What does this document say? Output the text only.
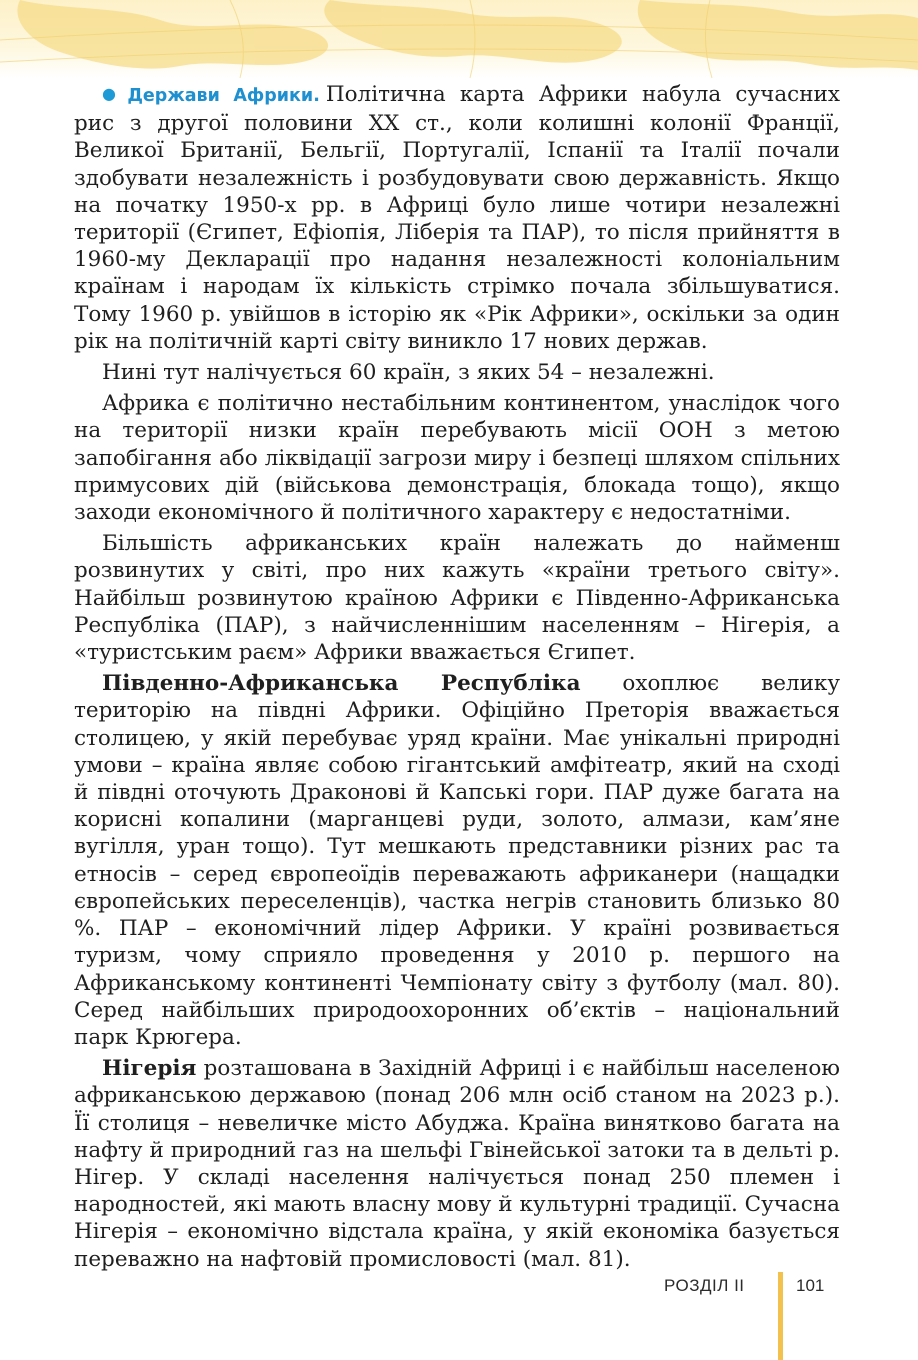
● Держави Африки. Політична карта Африки набула сучасних рис з другої половини XX ст., коли колишні колонії Франції, Великої Британії, Бельгії, Португалії, Іспанії та Італії почали здобувати незалежність і розбудовувати свою державність. Якщо на початку 1950-х рр. в Африці було лише чотири незалежні території (Єгипет, Ефіопія, Ліберія та ПАР), то після прийняття в 1960-му Декларації про надання незалежності колоніальним країнам і народам їх кількість стрімко почала збільшуватися. Тому 1960 р. увійшов в історію як «Рік Африки», оскільки за один рік на політичній карті світу виникло 17 нових держав.

Нині тут налічується 60 країн, з яких 54 – незалежні.

Африка є політично нестабільним континентом, унаслідок чого на території низки країн перебувають місії ООН з метою запобігання або ліквідації загрози миру і безпеці шляхом спільних примусових дій (військова демонстрація, блокада тощо), якщо заходи економічного й політичного характеру є недостатніми.

Більшість африканських країн належать до найменш розвинутих у світі, про них кажуть «країни третього світу». Найбільш розвинутою країною Африки є Південно-Африканська Республіка (ПАР), з найчисленнішим населенням – Нігерія, а «туристським раєм» Африки вважається Єгипет.

Південно-Африканська Республіка охоплює велику територію на півдні Африки. Офіційно Преторія вважається столицею, у якій перебуває уряд країни. Має унікальні природні умови – країна являє собою гігантський амфітеатр, який на сході й півдні оточують Драконові й Капські гори. ПАР дуже багата на корисні копалини (марганцеві руди, золото, алмази, кам’яне вугілля, уран тощо). Тут мешкають представники різних рас та етносів – серед європеоїдів переважають африканери (нащадки європейських переселенців), частка негрів становить близько 80 %. ПАР – економічний лідер Африки. У країні розвивається туризм, чому сприяло проведення у 2010 р. першого на Африканському континенті Чемпіонату світу з футболу (мал. 80). Серед найбільших природоохоронних об’єктів – національний парк Крюгера.

Нігерія розташована в Західній Африці і є найбільш населеною африканською державою (понад 206 млн осіб станом на 2023 р.). Її столиця – невеличке місто Абуджа. Країна винятково багата на нафту й природний газ на шельфі Гвінейської затоки та в дельті р. Нігер. У складі населення налічується понад 250 племен і народностей, які мають власну мову й культурні традиції. Сучасна Нігерія – економічно відстала країна, у якій економіка базується переважно на нафтовій промисловості (мал. 81).

РОЗДІЛ II	101
